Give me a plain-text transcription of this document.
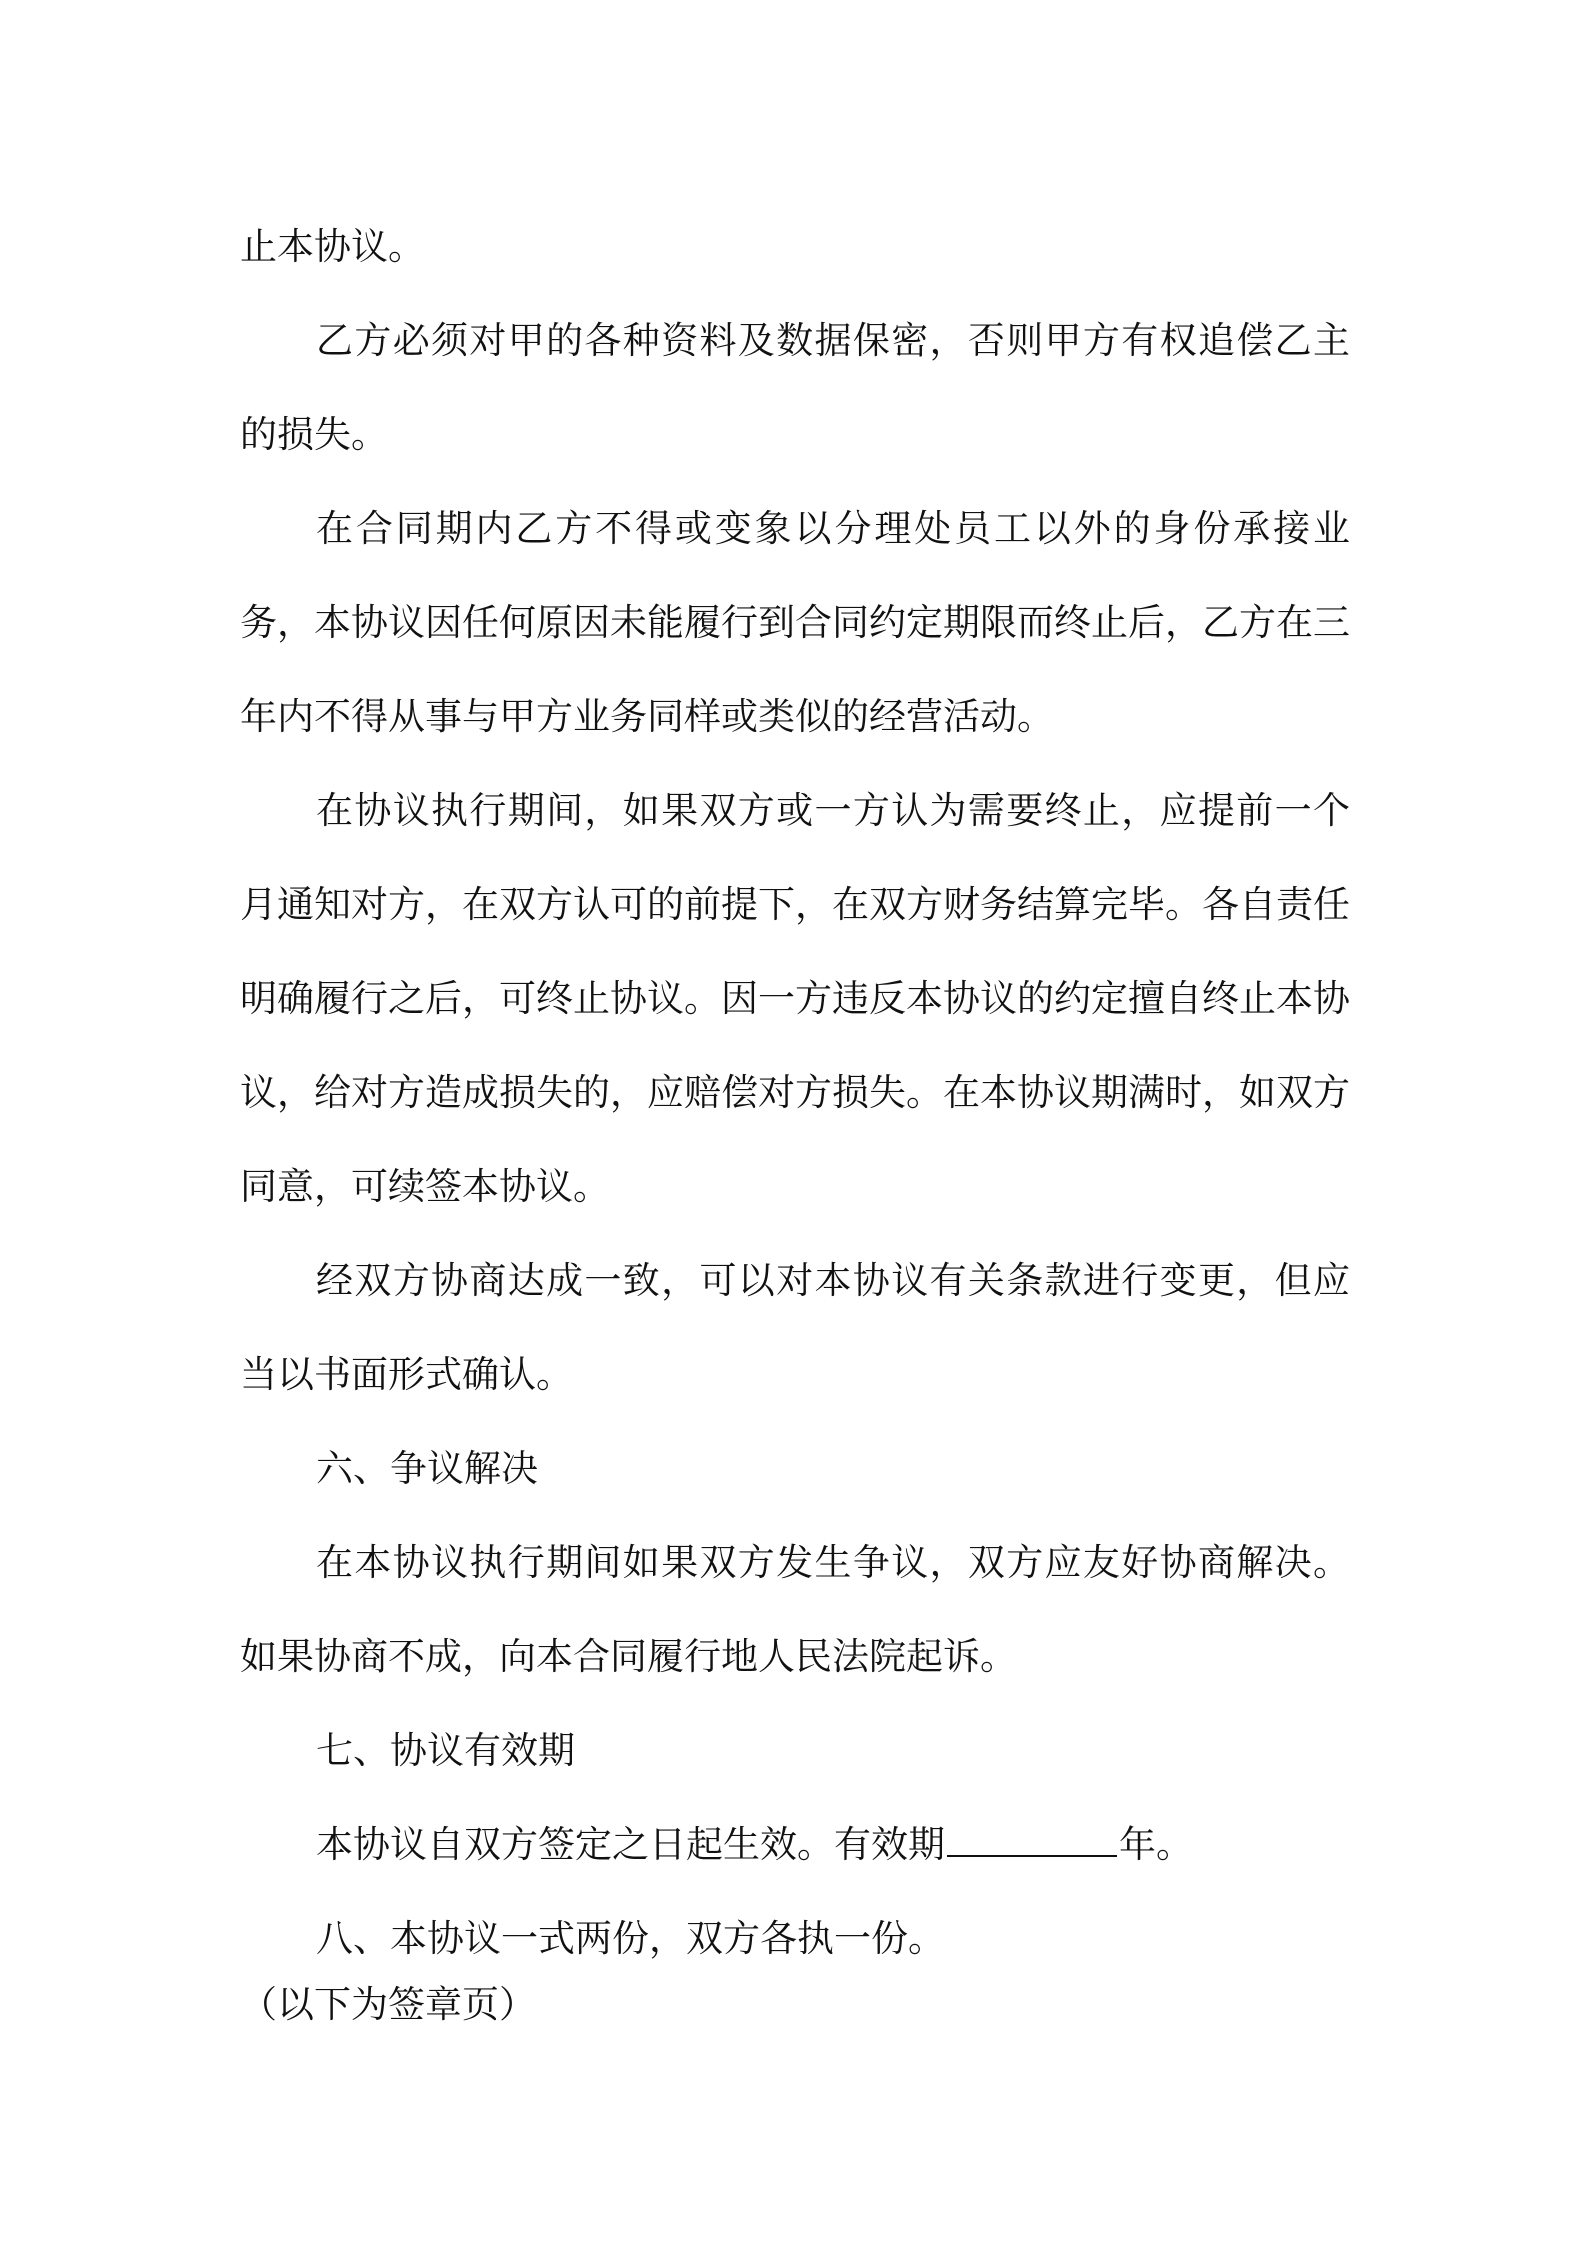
止本协议。

乙方必须对甲的各种资料及数据保密，否则甲方有权追偿乙主的损失。

在合同期内乙方不得或变象以分理处员工以外的身份承接业务，本协议因任何原因未能履行到合同约定期限而终止后，乙方在三年内不得从事与甲方业务同样或类似的经营活动。

在协议执行期间，如果双方或一方认为需要终止，应提前一个月通知对方，在双方认可的前提下，在双方财务结算完毕。各自责任明确履行之后，可终止协议。因一方违反本协议的约定擅自终止本协议，给对方造成损失的，应赔偿对方损失。在本协议期满时，如双方同意，可续签本协议。

经双方协商达成一致，可以对本协议有关条款进行变更，但应当以书面形式确认。

六、争议解决

在本协议执行期间如果双方发生争议，双方应友好协商解决。如果协商不成，向本合同履行地人民法院起诉。

七、协议有效期

本协议自双方签定之日起生效。有效期	年。

八、本协议一式两份，双方各执一份。

（以下为签章页）
